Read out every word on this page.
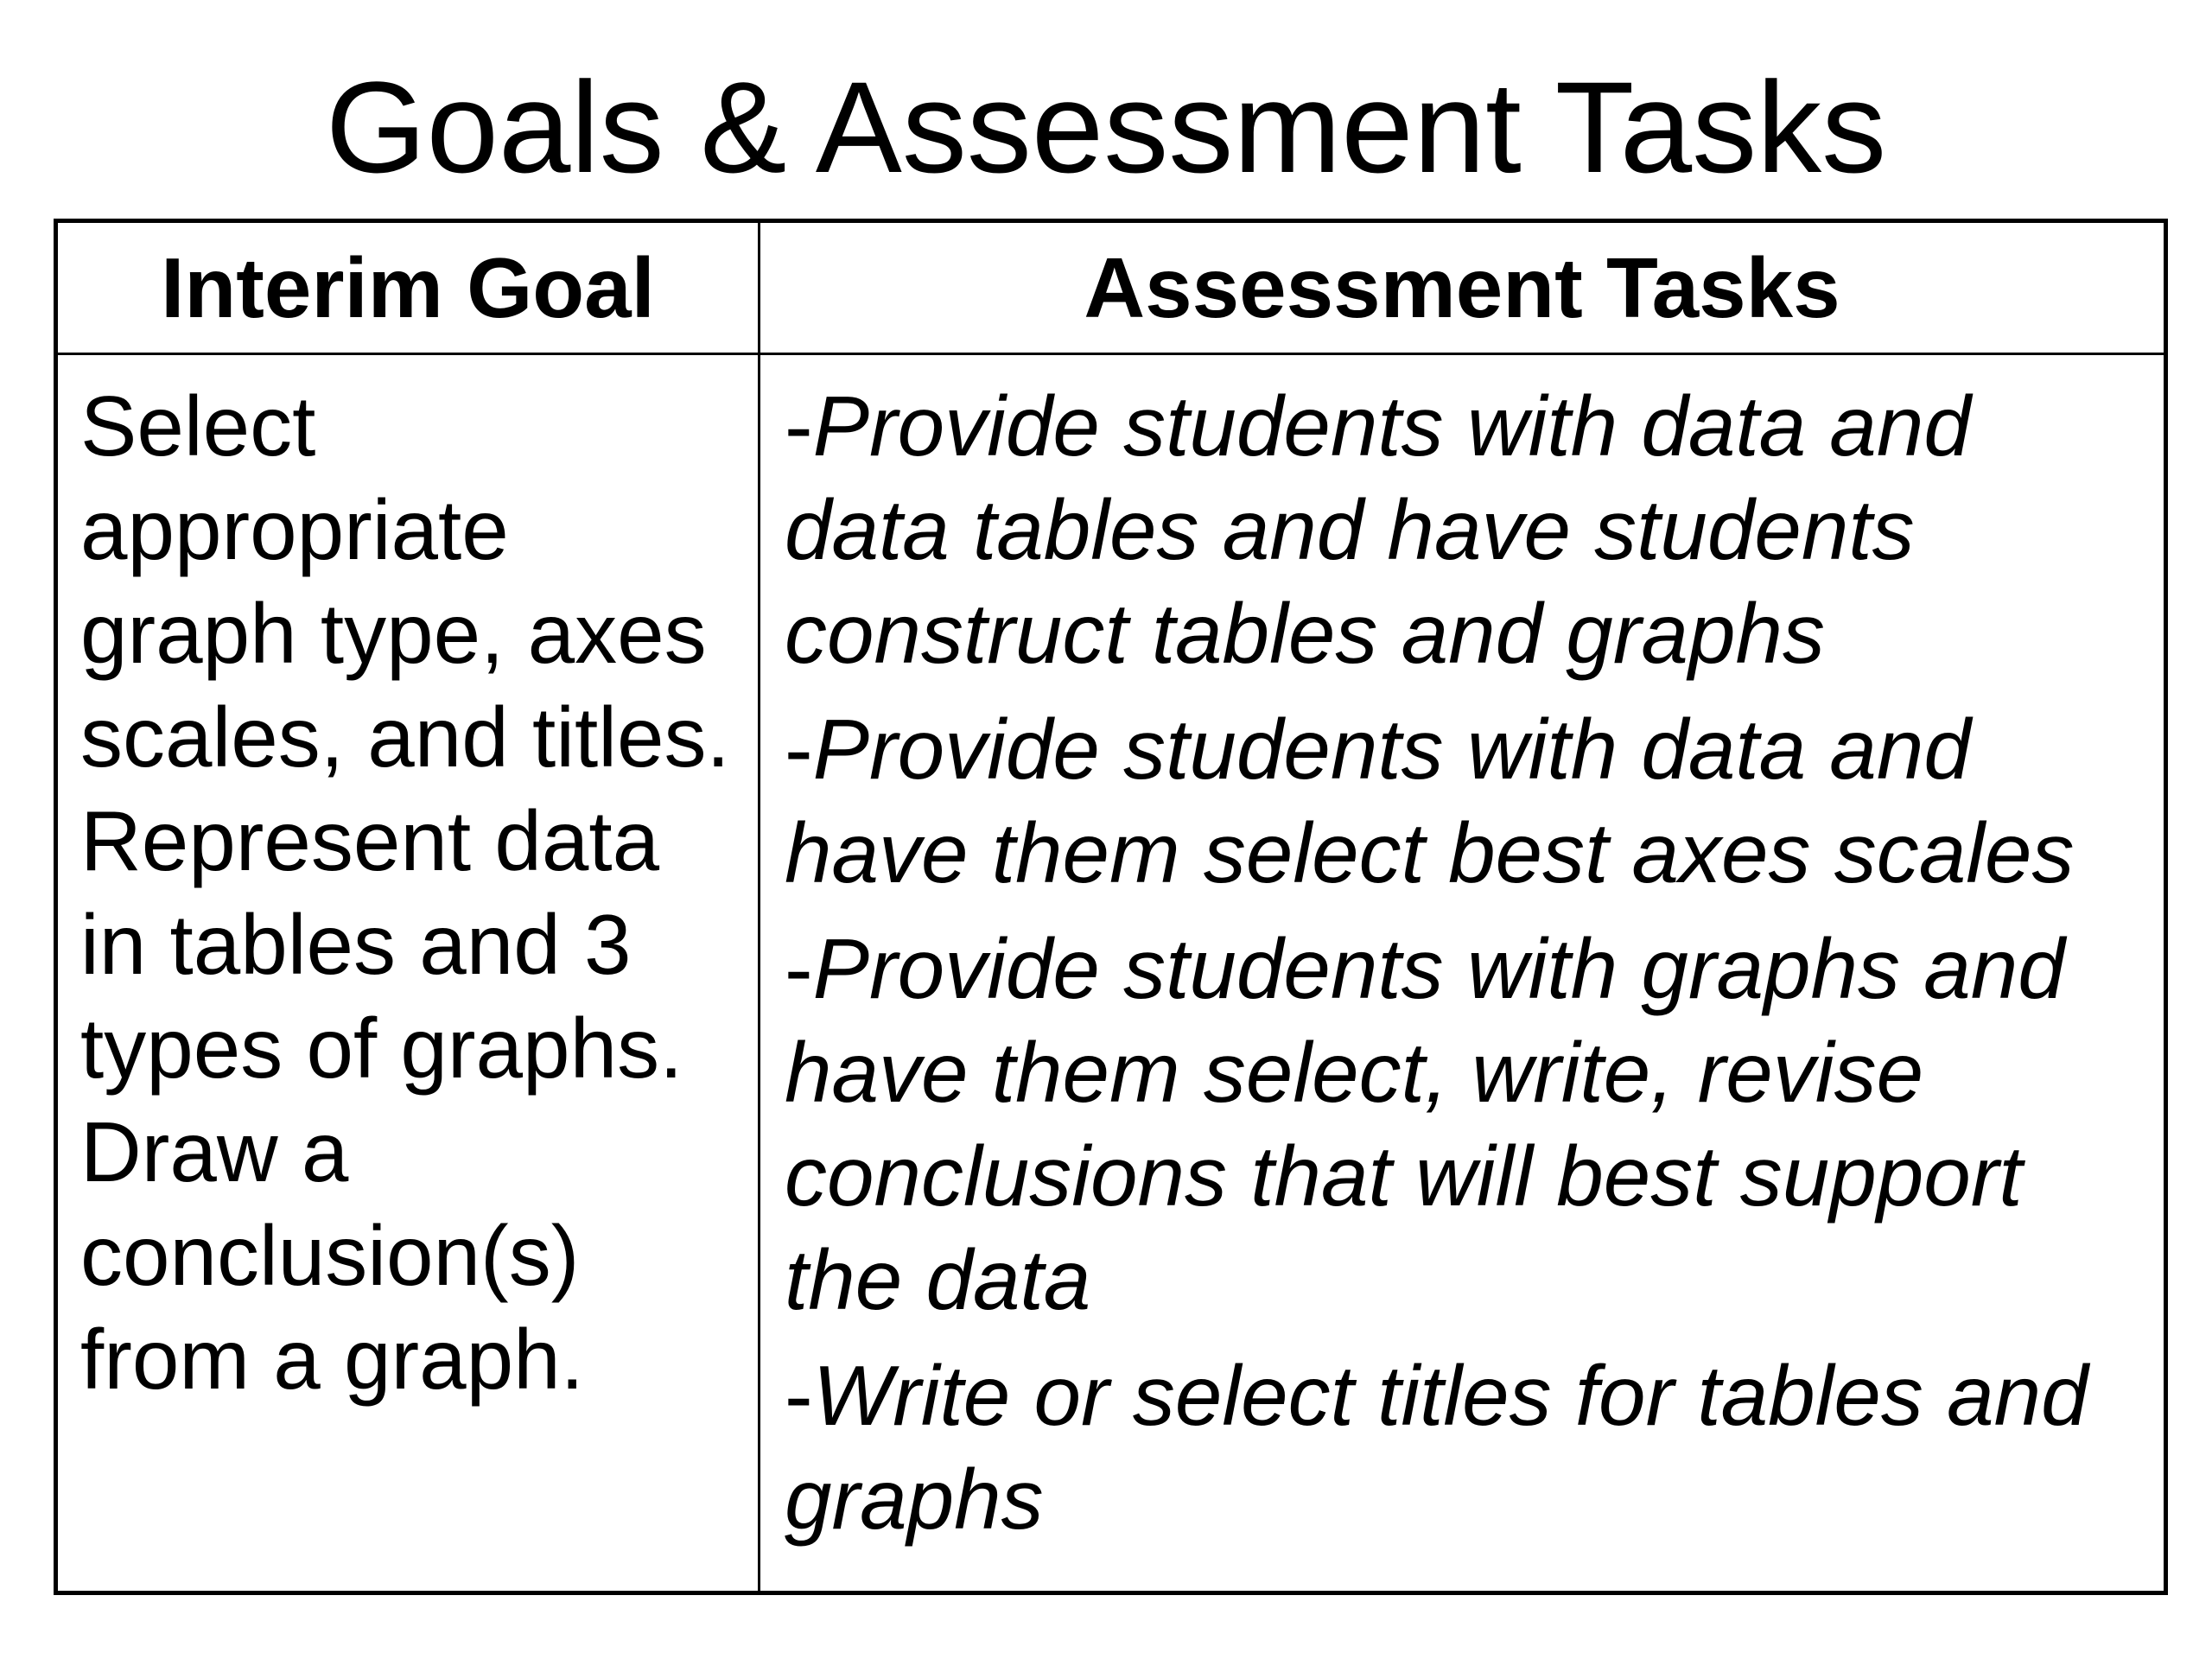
Goals & Assessment Tasks
Interim Goal	Assessment Tasks

Select appropriate graph type, axes scales, and titles. Represent data in tables and 3 types of graphs. Draw a conclusion(s) from a graph.	-Provide students with data and data tables and have students construct tables and graphs

-Provide students with data and have them select best axes scales

-Provide students with graphs and have them select, write, revise conclusions that will best support the data

-Write or select titles for tables and graphs
